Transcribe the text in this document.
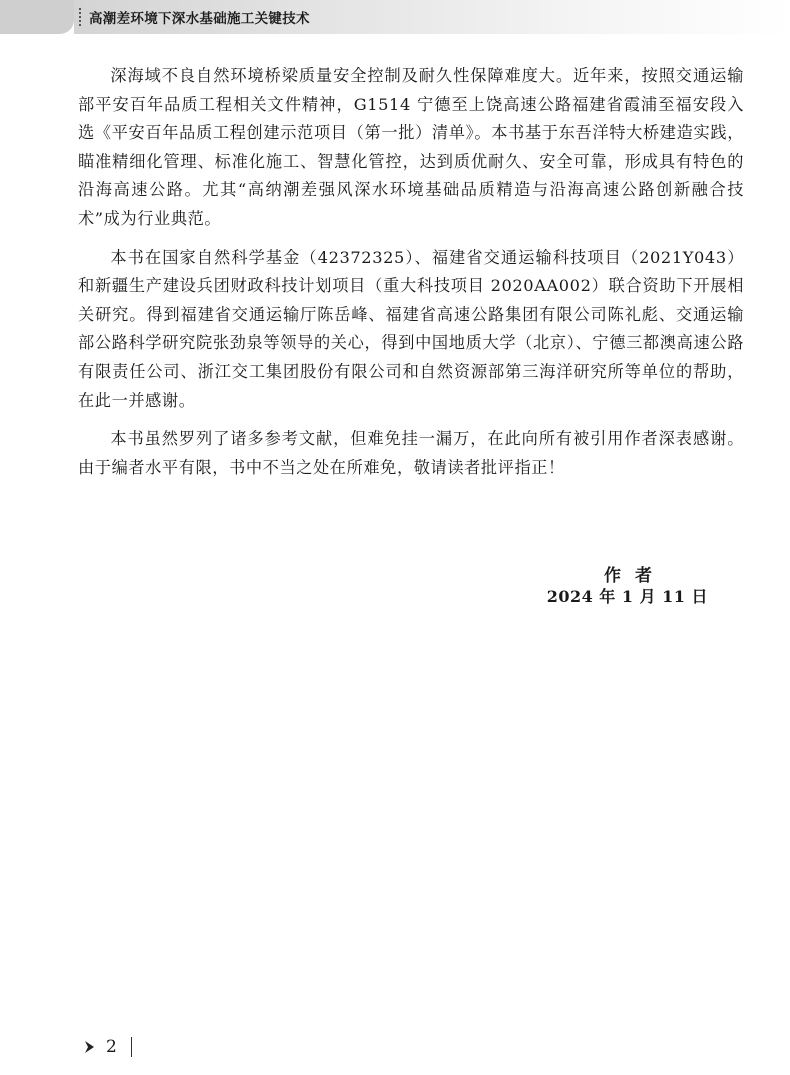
高潮差环境下深水基础施工关键技术

深海域不良自然环境桥梁质量安全控制及耐久性保障难度大。近年来，按照交通运输部平安百年品质工程相关文件精神，G1514 宁德至上饶高速公路福建省霞浦至福安段入选《平安百年品质工程创建示范项目（第一批）清单》。本书基于东吾洋特大桥建造实践，瞄准精细化管理、标准化施工、智慧化管控，达到质优耐久、安全可靠，形成具有特色的沿海高速公路。尤其“高纳潮差强风深水环境基础品质精造与沿海高速公路创新融合技术”成为行业典范。

本书在国家自然科学基金（42372325）、福建省交通运输科技项目（2021Y043）和新疆生产建设兵团财政科技计划项目（重大科技项目 2020AA002）联合资助下开展相关研究。得到福建省交通运输厅陈岳峰、福建省高速公路集团有限公司陈礼彪、交通运输部公路科学研究院张劲泉等领导的关心，得到中国地质大学（北京）、宁德三都澳高速公路有限责任公司、浙江交工集团股份有限公司和自然资源部第三海洋研究所等单位的帮助，在此一并感谢。

本书虽然罗列了诸多参考文献，但难免挂一漏万，在此向所有被引用作者深表感谢。由于编者水平有限，书中不当之处在所难免，敬请读者批评指正！

作者
2024 年 1 月 11 日
2
